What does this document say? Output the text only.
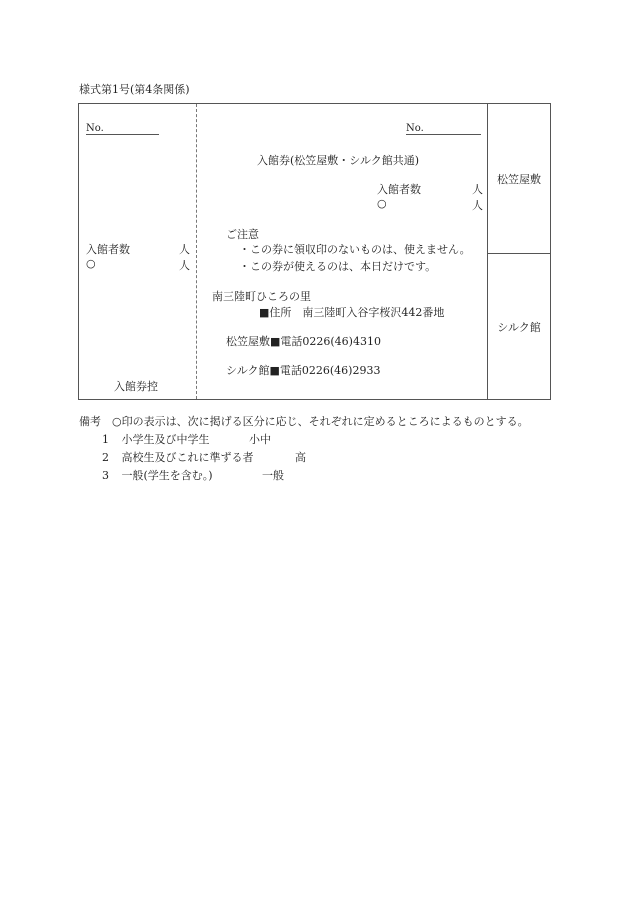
様式第1号(第4条関係)
No.
入館者数	人
○	人
入館券控
No.
入館券(松笠屋敷・シルク館共通)
入館者数	人
○	人
ご注意
・この券に領収印のないものは、使えません。
・この券が使えるのは、本日だけです。
南三陸町ひころの里
■住所　南三陸町入谷字桜沢442番地
松笠屋敷■電話0226(46)4310
シルク館■電話0226(46)2933
松笠屋敷
シルク館
備考　○印の表示は、次に掲げる区分に応じ、それぞれに定めるところによるものとする。
1 小学生及び中学生	小中
2 高校生及びこれに準ずる者	高
3 一般(学生を含む。)	一般
